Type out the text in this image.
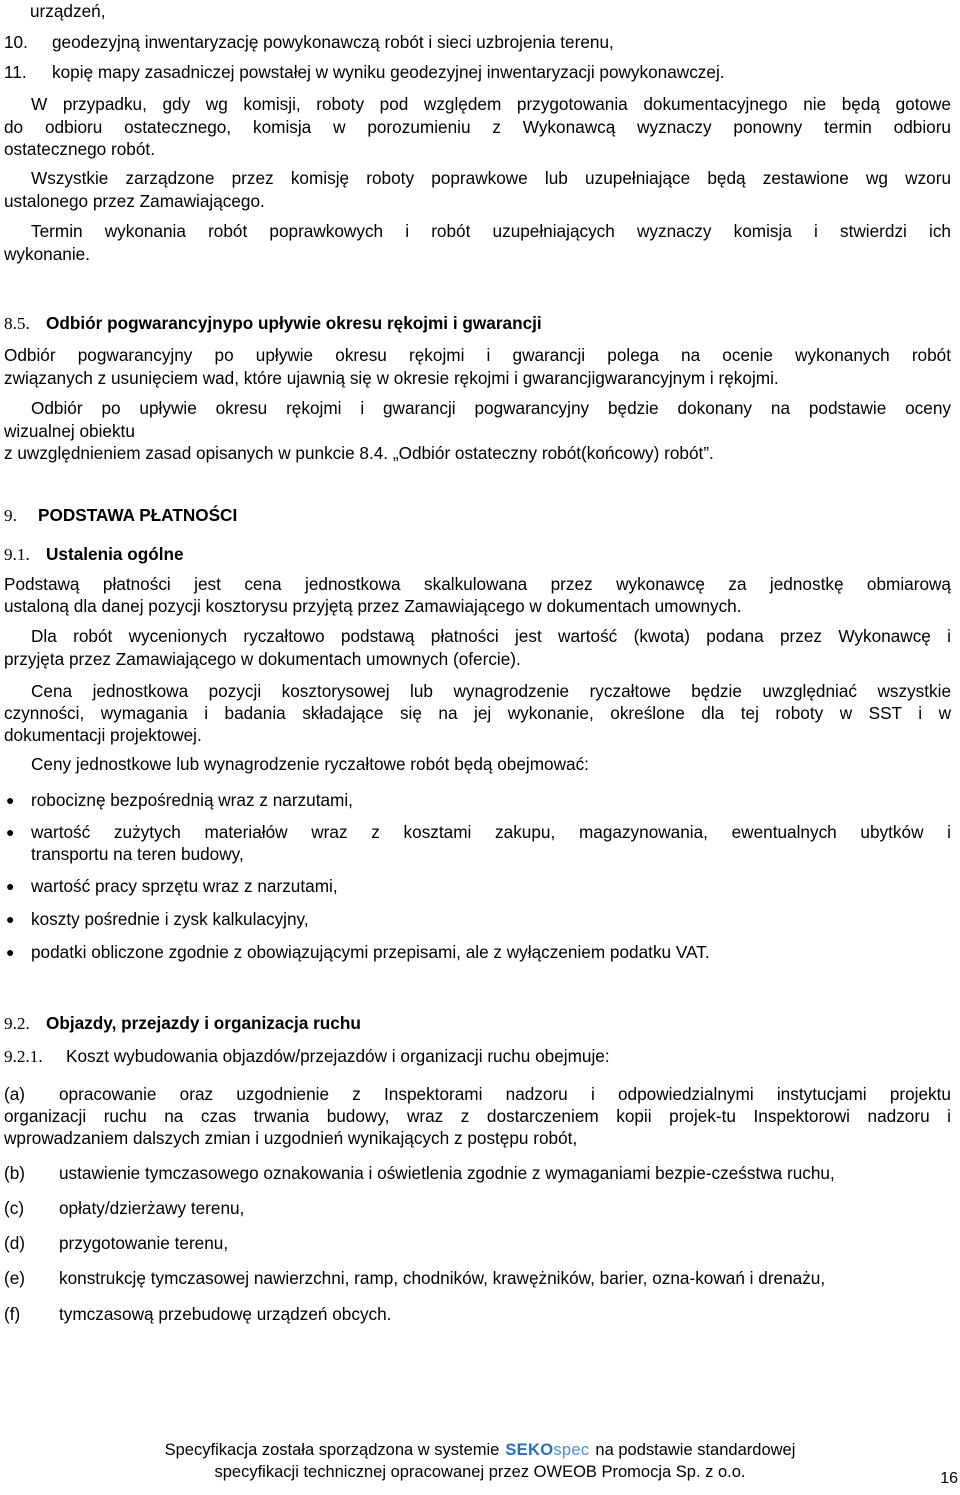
urządzeń,
10. geodezyjną inwentaryzację powykonawczą robót i sieci uzbrojenia terenu,
11. kopię mapy zasadniczej powstałej w wyniku geodezyjnej inwentaryzacji powykonawczej.
W przypadku, gdy wg komisji, roboty pod względem przygotowania dokumentacyjnego nie będą gotowe
do odbioru ostatecznego, komisja w porozumieniu z Wykonawcą wyznaczy ponowny termin odbioru
ostatecznego robót.
Wszystkie zarządzone przez komisję roboty poprawkowe lub uzupełniające będą zestawione wg wzoru
ustalonego przez Zamawiającego.
Termin wykonania robót poprawkowych i robót uzupełniających wyznaczy komisja i stwierdzi ich
wykonanie.
8.5. Odbiór pogwarancyjnypo upływie okresu rękojmi i gwarancji
Odbiór pogwarancyjny po upływie okresu rękojmi i gwarancji polega na ocenie wykonanych robót
związanych z usunięciem wad, które ujawnią się w okresie rękojmi i gwarancjigwarancyjnym i rękojmi.
Odbiór po upływie okresu rękojmi i gwarancji pogwarancyjny będzie dokonany na podstawie oceny
wizualnej obiektu
z uwzględnieniem zasad opisanych w punkcie 8.4. „Odbiór ostateczny robót(końcowy) robót”.
9. PODSTAWA PŁATNOŚCI
9.1. Ustalenia ogólne
Podstawą płatności jest cena jednostkowa skalkulowana przez wykonawcę za jednostkę obmiarową
ustaloną dla danej pozycji kosztorysu przyjętą przez Zamawiającego w dokumentach umownych.
Dla robót wycenionych ryczałtowo podstawą płatności jest wartość (kwota) podana przez Wykonawcę i
przyjęta przez Zamawiającego w dokumentach umownych (ofercie).
Cena jednostkowa pozycji kosztorysowej lub wynagrodzenie ryczałtowe będzie uwzględniać wszystkie
czynności, wymagania i badania składające się na jej wykonanie, określone dla tej roboty w SST i w
dokumentacji projektowej.
Ceny jednostkowe lub wynagrodzenie ryczałtowe robót będą obejmować:
● robociznę bezpośrednią wraz z narzutami,
● wartość zużytych materiałów wraz z kosztami zakupu, magazynowania, ewentualnych ubytków i
transportu na teren budowy,
● wartość pracy sprzętu wraz z narzutami,
● koszty pośrednie i zysk kalkulacyjny,
● podatki obliczone zgodnie z obowiązującymi przepisami, ale z wyłączeniem podatku VAT.
9.2. Objazdy, przejazdy i organizacja ruchu
9.2.1. Koszt wybudowania objazdów/przejazdów i organizacji ruchu obejmuje:
(a) opracowanie oraz uzgodnienie z Inspektorami nadzoru i odpowiedzialnymi instytucjami projektu
organizacji ruchu na czas trwania budowy, wraz z dostarczeniem kopii projek-tu Inspektorowi nadzoru i
wprowadzaniem dalszych zmian i uzgodnień wynikających z postępu robót,
(b) ustawienie tymczasowego oznakowania i oświetlenia zgodnie z wymaganiami bezpie-cześstwa ruchu,
(c) opłaty/dzierżawy terenu,
(d) przygotowanie terenu,
(e) konstrukcję tymczasowej nawierzchni, ramp, chodników, krawężników, barier, ozna-kowań i drenażu,
(f) tymczasową przebudowę urządzeń obcych.
Specyfikacja została sporządzona w systemie SEKOspec na podstawie standardowej
specyfikacji technicznej opracowanej przez OWEOB Promocja Sp. z o.o.	16
